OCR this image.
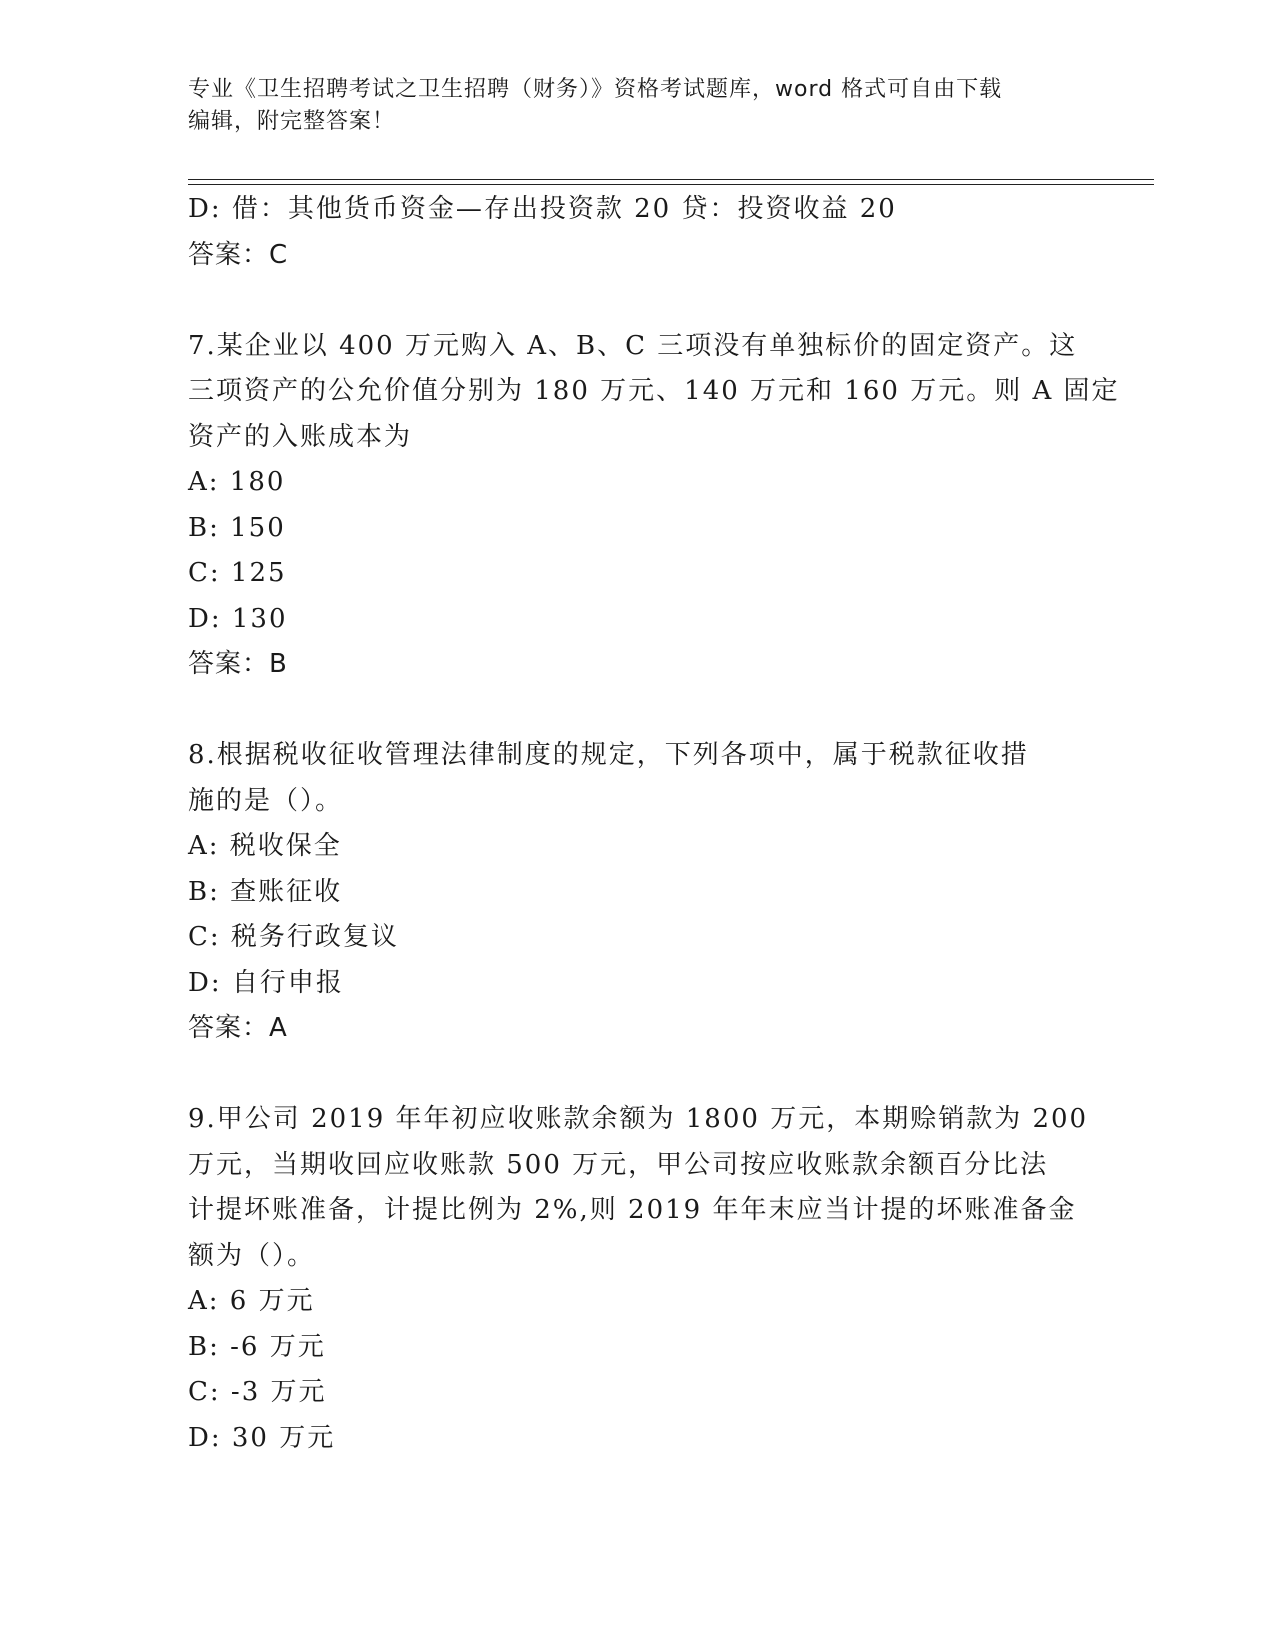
专业《卫生招聘考试之卫生招聘（财务）》资格考试题库，word 格式可自由下载
编辑，附完整答案！

D: 借：其他货币资金—存出投资款 20 贷：投资收益 20

答案：C

7.某企业以 400 万元购入 A、B、C 三项没有单独标价的固定资产。这

三项资产的公允价值分别为 180 万元、140 万元和 160 万元。则 A 固定

资产的入账成本为

A: 180

B: 150

C: 125

D: 130

答案：B

8.根据税收征收管理法律制度的规定，下列各项中，属于税款征收措

施的是（）。

A: 税收保全

B: 查账征收

C: 税务行政复议

D: 自行申报

答案：A

9.甲公司 2019 年年初应收账款余额为 1800 万元，本期赊销款为 200

万元，当期收回应收账款 500 万元，甲公司按应收账款余额百分比法

计提坏账准备，计提比例为 2%,则 2019 年年末应当计提的坏账准备金

额为（）。

A: 6 万元

B: -6 万元

C: -3 万元

D: 30 万元
